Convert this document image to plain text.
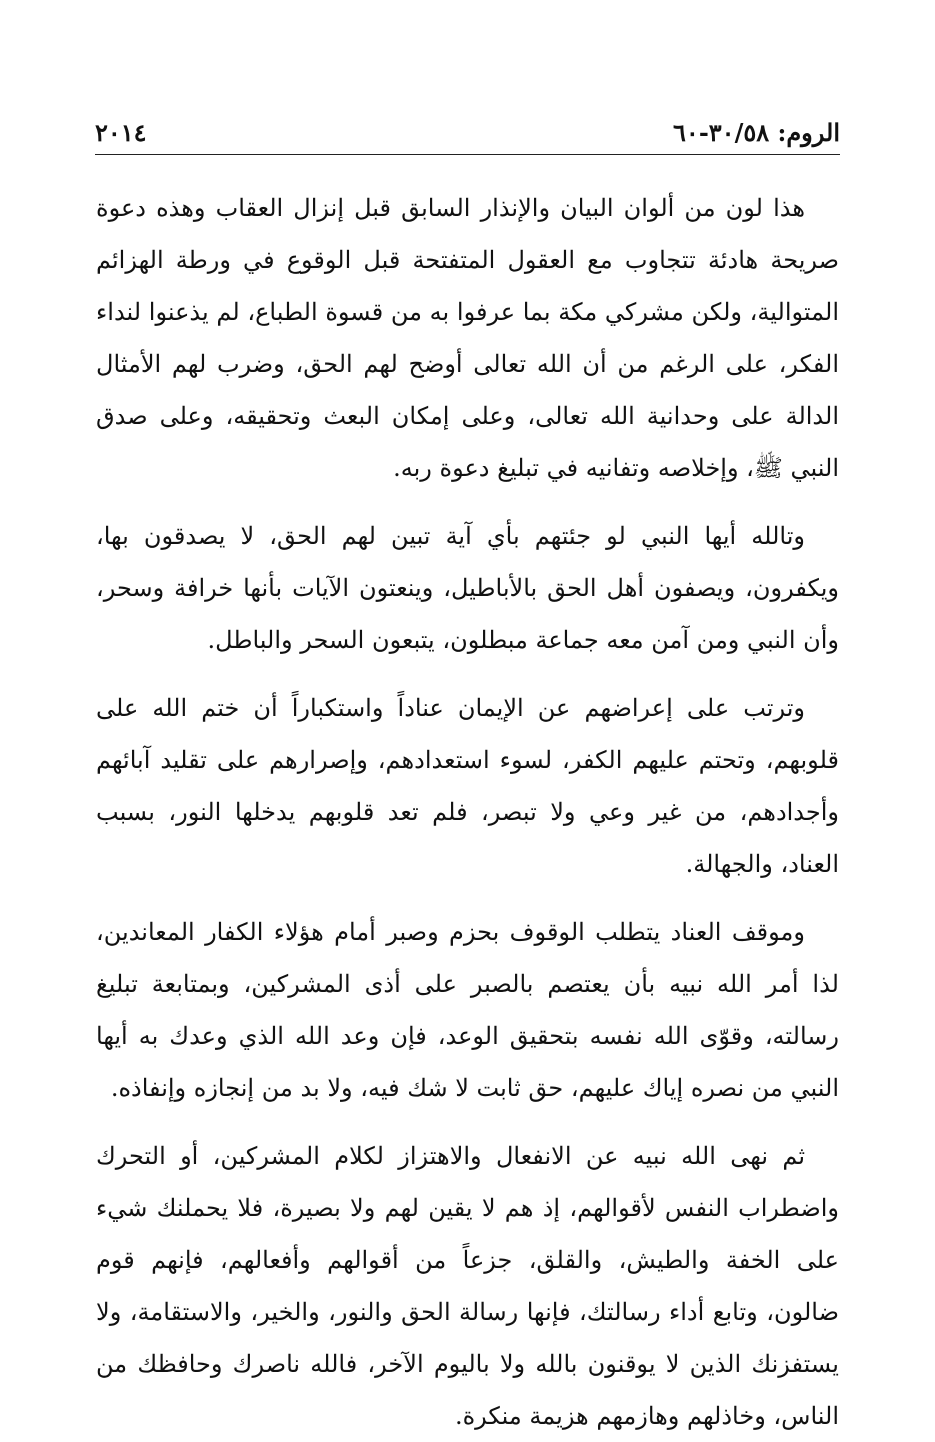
الروم: ٣٠/٥٨-٦٠
٢٠١٤

هذا لون من ألوان البيان والإنذار السابق قبل إنزال العقاب وهذه دعوة صريحة هادئة تتجاوب مع العقول المتفتحة قبل الوقوع في ورطة الهزائم المتوالية، ولكن مشركي مكة بما عرفوا به من قسوة الطباع، لم يذعنوا لنداء الفكر، على الرغم من أن الله تعالى أوضح لهم الحق، وضرب لهم الأمثال الدالة على وحدانية الله تعالى، وعلى إمكان البعث وتحقيقه، وعلى صدق النبي ﷺ، وإخلاصه وتفانيه في تبليغ دعوة ربه.

وتالله أيها النبي لو جئتهم بأي آية تبين لهم الحق، لا يصدقون بها، ويكفرون، ويصفون أهل الحق بالأباطيل، وينعتون الآيات بأنها خرافة وسحر، وأن النبي ومن آمن معه جماعة مبطلون، يتبعون السحر والباطل.

وترتب على إعراضهم عن الإيمان عناداً واستكباراً أن ختم الله على قلوبهم، وتحتم عليهم الكفر، لسوء استعدادهم، وإصرارهم على تقليد آبائهم وأجدادهم، من غير وعي ولا تبصر، فلم تعد قلوبهم يدخلها النور، بسبب العناد، والجهالة.

وموقف العناد يتطلب الوقوف بحزم وصبر أمام هؤلاء الكفار المعاندين، لذا أمر الله نبيه بأن يعتصم بالصبر على أذى المشركين، وبمتابعة تبليغ رسالته، وقوّى الله نفسه بتحقيق الوعد، فإن وعد الله الذي وعدك به أيها النبي من نصره إياك عليهم، حق ثابت لا شك فيه، ولا بد من إنجازه وإنفاذه.

ثم نهى الله نبيه عن الانفعال والاهتزاز لكلام المشركين، أو التحرك واضطراب النفس لأقوالهم، إذ هم لا يقين لهم ولا بصيرة، فلا يحملنك شيء على الخفة والطيش، والقلق، جزعاً من أقوالهم وأفعالهم، فإنهم قوم ضالون، وتابع أداء رسالتك، فإنها رسالة الحق والنور، والخير، والاستقامة، ولا يستفزنك الذين لا يوقنون بالله ولا باليوم الآخر، فالله ناصرك وحافظك من الناس، وخاذلهم وهازمهم هزيمة منكرة.
